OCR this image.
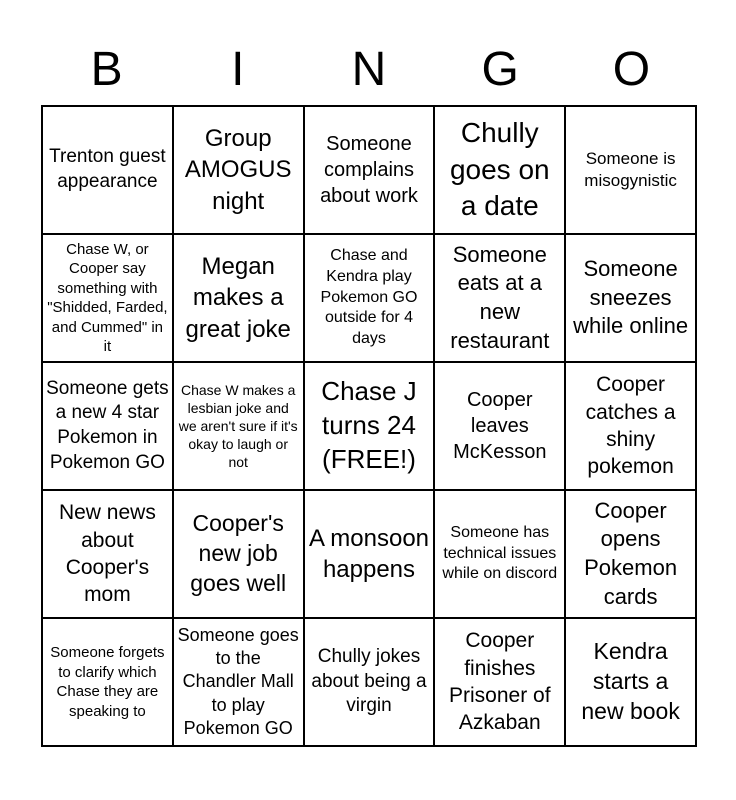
B	I	N	G	O
Trenton guest appearance	Group AMOGUS night	Someone complains about work	Chully goes on a date	Someone is misogynistic
Chase W, or Cooper say something with "Shidded, Farded, and Cummed" in it	Megan makes a great joke	Chase and Kendra play Pokemon GO outside for 4 days	Someone eats at a new restaurant	Someone sneezes while online
Someone gets a new 4 star Pokemon in Pokemon GO	Chase W makes a lesbian joke and we aren't sure if it's okay to laugh or not	Chase J turns 24 (FREE!)	Cooper leaves McKesson	Cooper catches a shiny pokemon
New news about Cooper's mom	Cooper's new job goes well	A monsoon happens	Someone has technical issues while on discord	Cooper opens Pokemon cards
Someone forgets to clarify which Chase they are speaking to	Someone goes to the Chandler Mall to play Pokemon GO	Chully jokes about being a virgin	Cooper finishes Prisoner of Azkaban	Kendra starts a new book
